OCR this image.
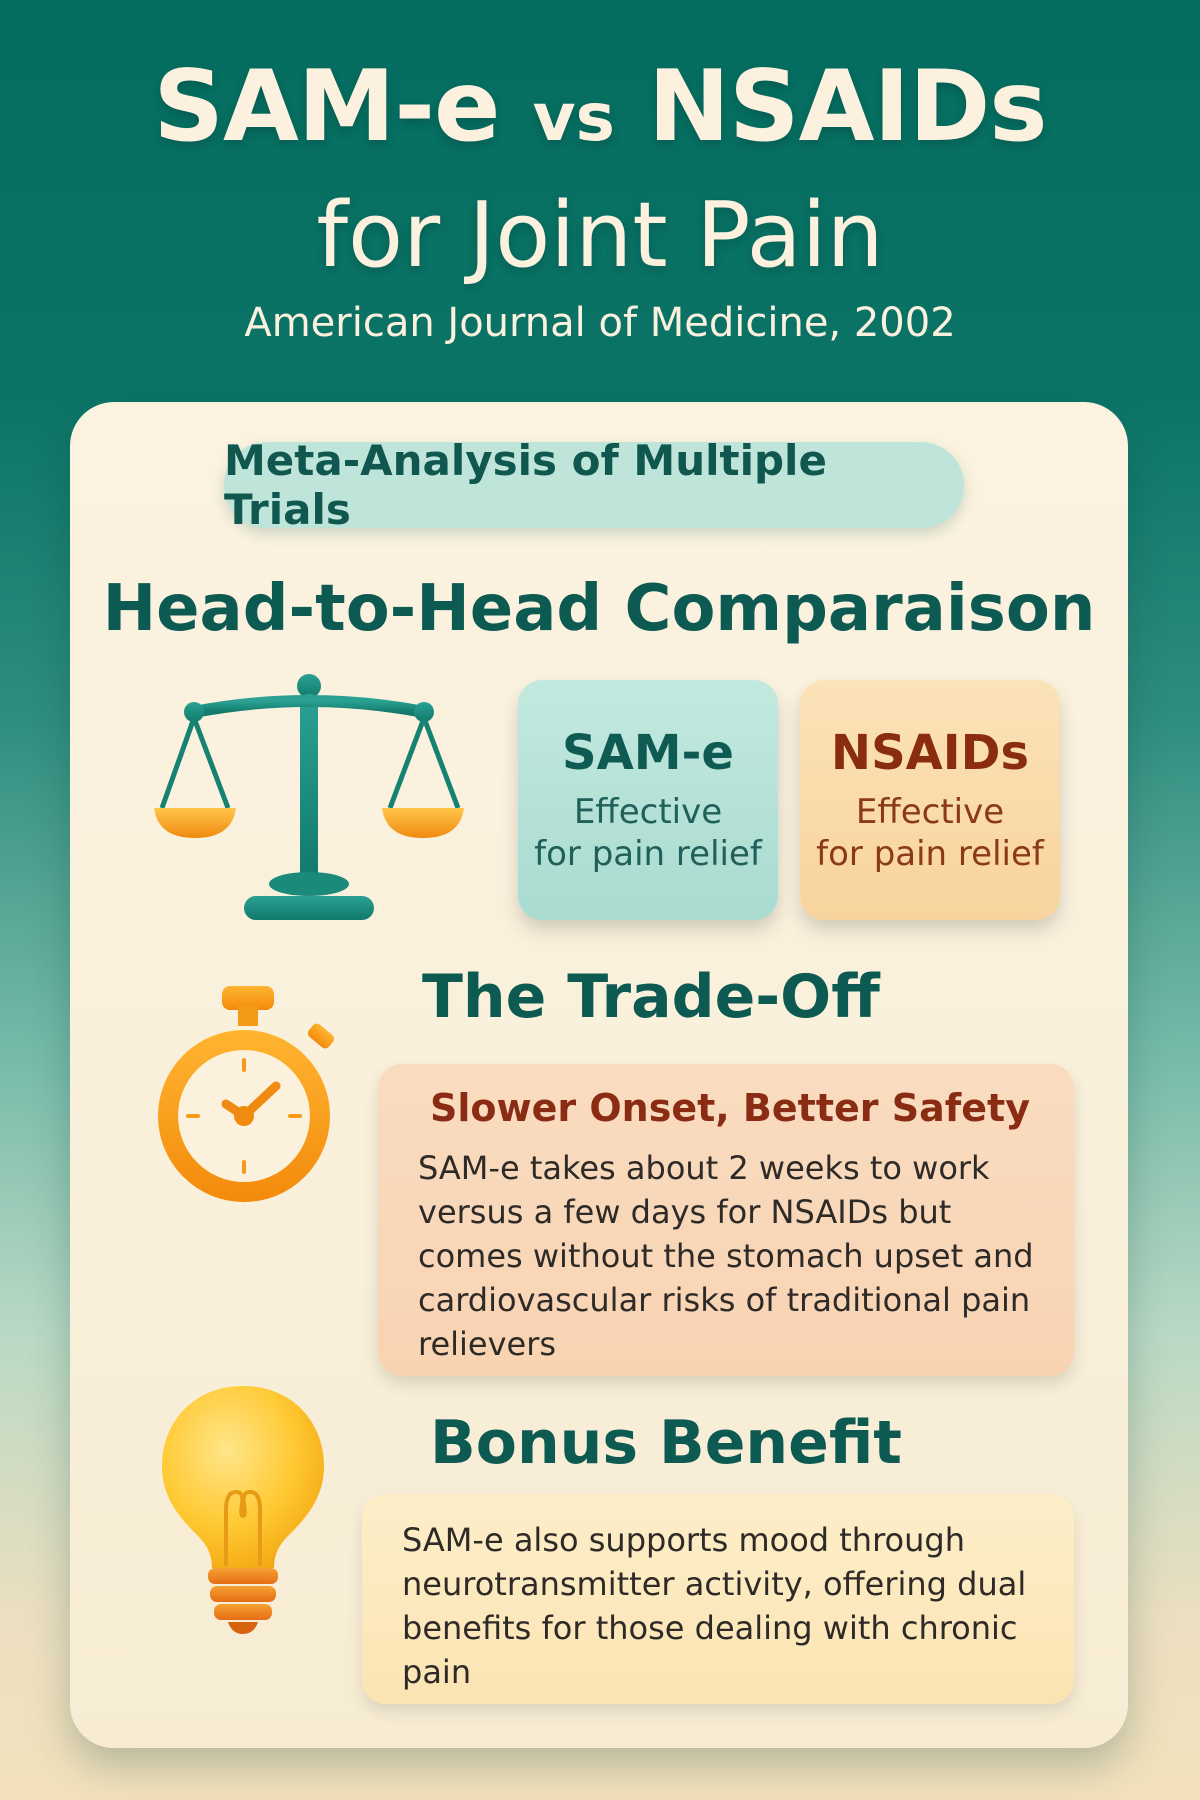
SAM-e vs NSAIDs
for Joint Pain
American Journal of Medicine, 2002
Meta-Analysis of Multiple Trials
Head-to-Head Comparaison
SAM-e
Effective
for pain relief
NSAIDs
Effective
for pain relief
The Trade-Off

Slower Onset, Better Safety

SAM-e takes about 2 weeks to work versus a few days for NSAIDs but comes without the stomach upset and cardiovascular risks of traditional pain relievers

Bonus Benefit

SAM-e also supports mood through neurotransmitter activity, offering dual benefits for those dealing with chronic pain
